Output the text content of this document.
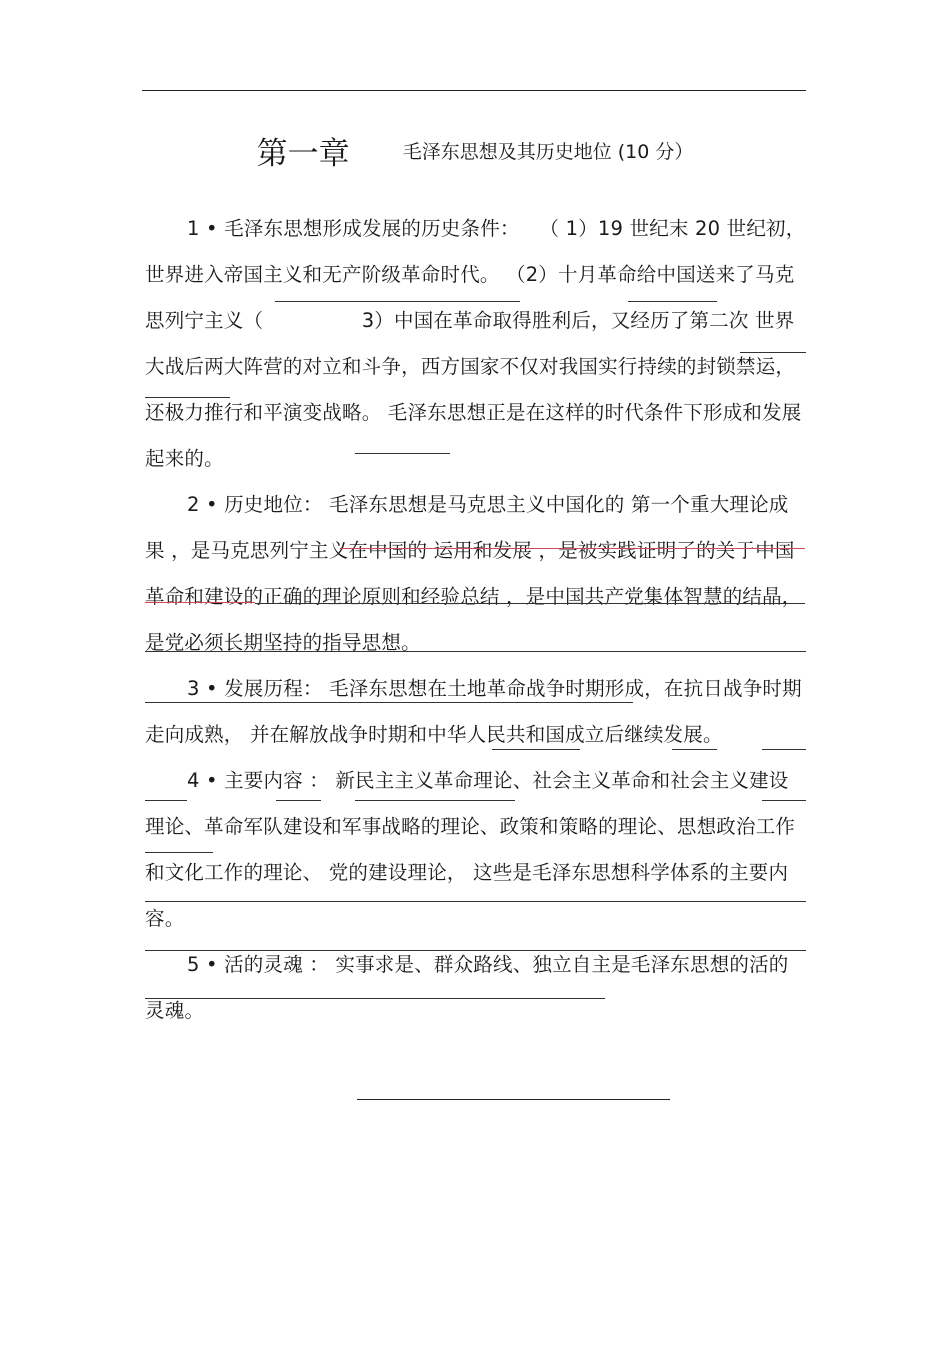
第一章	毛泽东思想及其历史地位 (10 分）

1 • 毛泽东思想形成发展的历史条件：　　（ 1）19 世纪末 20 世纪初，世界进入帝国主义和无产阶级革命时代。 （2）十月革命给中国送来了马克思列宁主义（　　　　　3）中国在革命取得胜利后，又经历了第二次 世界大战后两大阵营的对立和斗争，西方国家不仅对我国实行持续的封锁禁运， 还极力推行和平演变战略。 毛泽东思想正是在这样的时代条件下形成和发展起来的。

2 • 历史地位： 毛泽东思想是马克思主义中国化的 第一个重大理论成果 ，是马克思列宁主义在中国的 运用和发展 ，是被实践证明了的关于中国革命和建设的正确的理论原则和经验总结 ，是中国共产党集体智慧的结晶，是党必须长期坚持的指导思想。

3 • 发展历程： 毛泽东思想在土地革命战争时期形成，在抗日战争时期走向成熟， 并在解放战争时期和中华人民共和国成立后继续发展。

4 • 主要内容 ： 新民主主义革命理论、社会主义革命和社会主义建设理论、革命军队建设和军事战略的理论、政策和策略的理论、思想政治工作和文化工作的理论、 党的建设理论， 这些是毛泽东思想科学体系的主要内容。

5 • 活的灵魂 ： 实事求是、群众路线、独立自主是毛泽东思想的活的灵魂。
